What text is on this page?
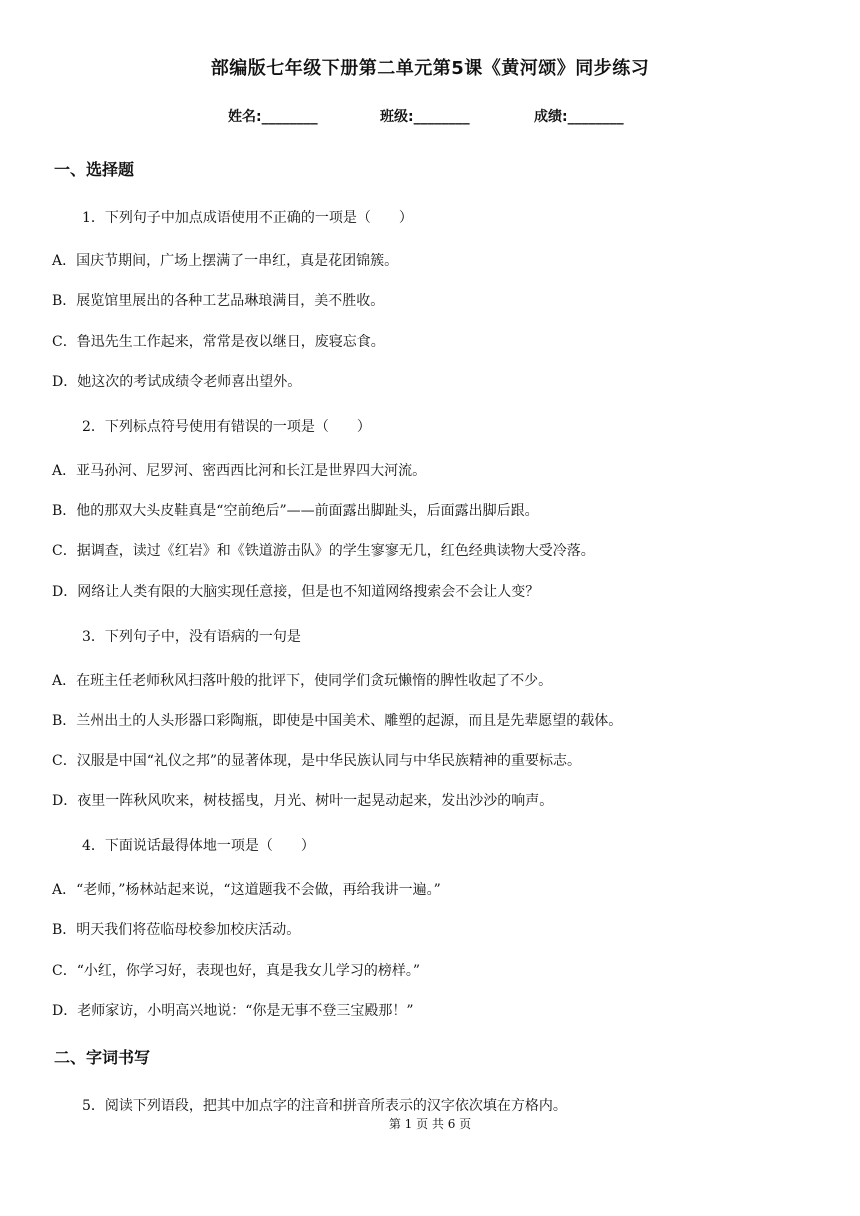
部编版七年级下册第二单元第5课《黄河颂》同步练习
姓名:________	班级:________	成绩:________
一、选择题
1．下列句子中加点成语使用不正确的一项是（　　）
A．国庆节期间，广场上摆满了一串红，真是花团锦簇。
B．展览馆里展出的各种工艺品琳琅满目，美不胜收。
C．鲁迅先生工作起来，常常是夜以继日，废寝忘食。
D．她这次的考试成绩令老师喜出望外。
2．下列标点符号使用有错误的一项是（　　）
A．亚马孙河、尼罗河、密西西比河和长江是世界四大河流。
B．他的那双大头皮鞋真是“空前绝后”——前面露出脚趾头，后面露出脚后跟。
C．据调查，读过《红岩》和《铁道游击队》的学生寥寥无几，红色经典读物大受冷落。
D．网络让人类有限的大脑实现任意接，但是也不知道网络搜索会不会让人变？
3．下列句子中，没有语病的一句是
A．在班主任老师秋风扫落叶般的批评下，使同学们贪玩懒惰的脾性收起了不少。
B．兰州出土的人头形器口彩陶瓶，即使是中国美术、雕塑的起源，而且是先辈愿望的载体。
C．汉服是中国“礼仪之邦”的显著体现，是中华民族认同与中华民族精神的重要标志。
D．夜里一阵秋风吹来，树枝摇曳，月光、树叶一起晃动起来，发出沙沙的响声。
4．下面说话最得体地一项是（　　）
A．“老师，”杨林站起来说，“这道题我不会做，再给我讲一遍。”
B．明天我们将莅临母校参加校庆活动。
C．“小红，你学习好，表现也好，真是我女儿学习的榜样。”
D．老师家访，小明高兴地说：“你是无事不登三宝殿那！”
二、字词书写
5．阅读下列语段，把其中加点字的注音和拼音所表示的汉字依次填在方格内。
第 1 页 共 6 页
